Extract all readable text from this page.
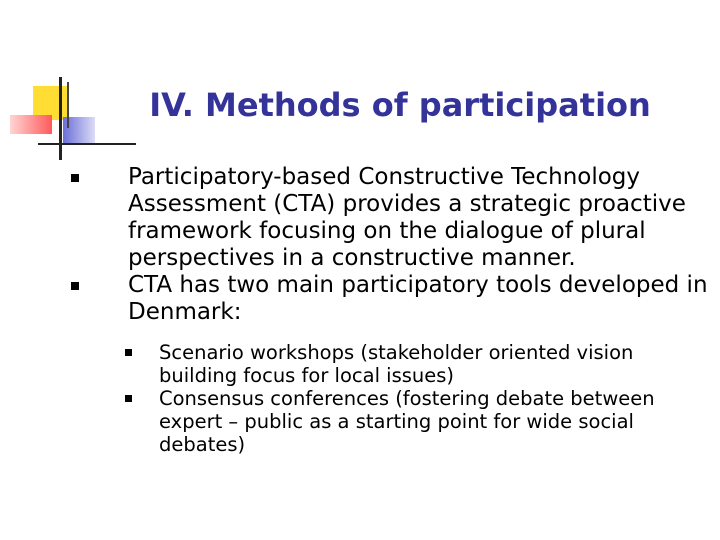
IV. Methods of participation
Participatory-based Constructive Technology Assessment (CTA) provides a strategic proactive framework focusing on the dialogue of plural perspectives in a constructive manner.
CTA has two main participatory tools developed in Denmark:
Scenario workshops (stakeholder oriented vision building focus for local issues)
Consensus conferences (fostering debate between expert – public as a starting point for wide social debates)
